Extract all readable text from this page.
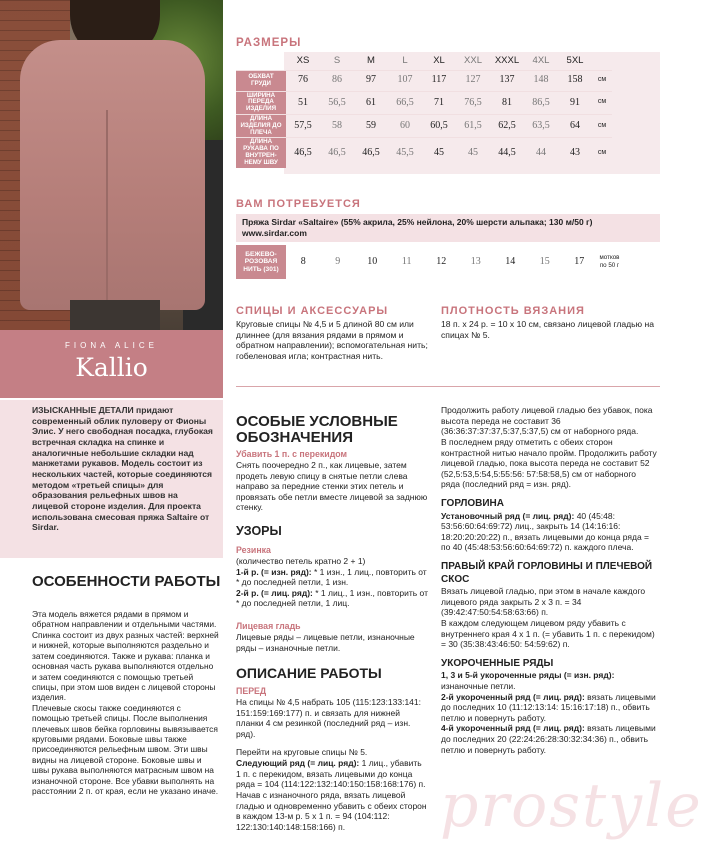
FIONA ALICE
Kallio
РАЗМЕРЫ
	XS	S	M	L	XL	XXL	XXXL	4XL	5XL	
ОБХВАТ ГРУДИ	76	86	97	107	117	127	137	148	158	см
ШИРИНА ПЕРЕДА ИЗДЕЛИЯ	51	56,5	61	66,5	71	76,5	81	86,5	91	см
ДЛИНА ИЗДЕЛИЯ ДО ПЛЕЧА	57,5	58	59	60	60,5	61,5	62,5	63,5	64	см
ДЛИНА РУКАВА ПО ВНУТРЕН-НЕМУ ШВУ	46,5	46,5	46,5	45,5	45	45	44,5	44	43	см
ВАМ ПОТРЕБУЕТСЯ
Пряжа Sirdar «Saltaire» (55% акрила, 25% нейлона, 20% шерсти альпака; 130 м/50 г)
www.sirdar.com
БЕЖЕВО-РОЗОВАЯ НИТЬ (301)	8	9	10	11	12	13	14	15	17	мотков по 50 г
СПИЦЫ И АКСЕССУАРЫ
Круговые спицы № 4,5 и 5 длиной 80 см или длиннее (для вязания рядами в прямом и обратном направлении); вспомогательная нить; гобеленовая игла; контрастная нить.
ПЛОТНОСТЬ ВЯЗАНИЯ
18 п. х 24 р. = 10 х 10 см, связано лицевой гладью на спицах № 5.
ИЗЫСКАННЫЕ ДЕТАЛИ придают современный облик пуловеру от Фионы Элис. У него свободная посадка, глубокая встречная складка на спинке и аналогичные небольшие складки над манжетами рукавов. Модель состоит из нескольких частей, которые соединяются методом «третьей спицы» для образования рельефных швов на лицевой стороне изделия. Для проекта использована смесовая пряжа Saltaire от Sirdar.
ОСОБЕННОСТИ РАБОТЫ
Эта модель вяжется рядами в прямом и обратном направлении и отдельными частями. Спинка состоит из двух разных частей: верхней и нижней, которые выполняются раздельно и затем соединяются. Также и рукава: планка и основная часть рукава выполняются отдельно и затем соединяются с помощью третьей спицы, при этом шов виден с лицевой стороны изделия.
Плечевые скосы также соединяются с помощью третьей спицы. После выполнения плечевых швов бейка горловины вывязывается круговыми рядами. Боковые швы также присоединяются рельефным швом. Эти швы видны на лицевой стороне. Боковые швы и швы рукава выполняются матрасным швом на изнаночной стороне. Все убавки выполнять на расстоянии 2 п. от края, если не указано иначе.
ОСОБЫЕ УСЛОВНЫЕ ОБОЗНАЧЕНИЯ
Убавить 1 п. с перекидом
Снять поочередно 2 п., как лицевые, затем продеть левую спицу в снятые петли слева направо за передние стенки этих петель и провязать обе петли вместе лицевой за заднюю стенку.
УЗОРЫ
Резинка
(количество петель кратно 2 + 1)
1-й р. (= изн. ряд): * 1 изн., 1 лиц., повторить от * до последней петли, 1 изн.
2-й р. (= лиц. ряд): * 1 лиц., 1 изн., повторить от * до последней петли, 1 лиц.
Лицевая гладь
Лицевые ряды – лицевые петли, изнаночные ряды – изнаночные петли.
ОПИСАНИЕ РАБОТЫ
ПЕРЕД
На спицы № 4,5 набрать 105 (115:123:133:141: 151:159:169:177) п. и связать для нижней планки 4 см резинкой (последний ряд – изн. ряд).
Перейти на круговые спицы № 5.
Следующий ряд (= лиц. ряд): 1 лиц., убавить 1 п. с перекидом, вязать лицевыми до конца ряда = 104 (114:122:132:140:150:158:168:176) п.
Начав с изнаночного ряда, вязать лицевой гладью и одновременно убавить с обеих сторон в каждом 13-м р. 5 х 1 п. = 94 (104:112: 122:130:140:148:158:166) п.
Продолжить работу лицевой гладью без убавок, пока высота переда не составит 36 (36:36:37:37:37,5:37,5:37,5) см от наборного ряда.
В последнем ряду отметить с обеих сторон контрастной нитью начало пройм. Продолжить работу лицевой гладью, пока высота переда не составит 52 (52,5:53,5:54,5:55:56: 57:58:58,5) см от наборного ряда (последний ряд = изн. ряд).
ГОРЛОВИНА
Установочный ряд (= лиц. ряд): 40 (45:48: 53:56:60:64:69:72) лиц., закрыть 14 (14:16:16: 18:20:20:20:22) п., вязать лицевыми до конца ряда = по 40 (45:48:53:56:60:64:69:72) п. каждого плеча.
ПРАВЫЙ КРАЙ ГОРЛОВИНЫ И ПЛЕЧЕВОЙ СКОС
Вязать лицевой гладью, при этом в начале каждого лицевого ряда закрыть 2 х 3 п. = 34 (39:42:47:50:54:58:63:66) п.
В каждом следующем лицевом ряду убавить с внутреннего края 4 х 1 п. (= убавить 1 п. с перекидом) = 30 (35:38:43:46:50: 54:59:62) п.
УКОРОЧЕННЫЕ РЯДЫ
1, 3 и 5-й укороченные ряды (= изн. ряд): изнаночные петли.
2-й укороченный ряд (= лиц. ряд): вязать лицевыми до последних 10 (11:12:13:14: 15:16:17:18) п., обвить петлю и повернуть работу.
4-й укороченный ряд (= лиц. ряд): вязать лицевыми до последних 20 (22:24:26:28:30:32:34:36) п., обвить петлю и повернуть работу.
prostyle
